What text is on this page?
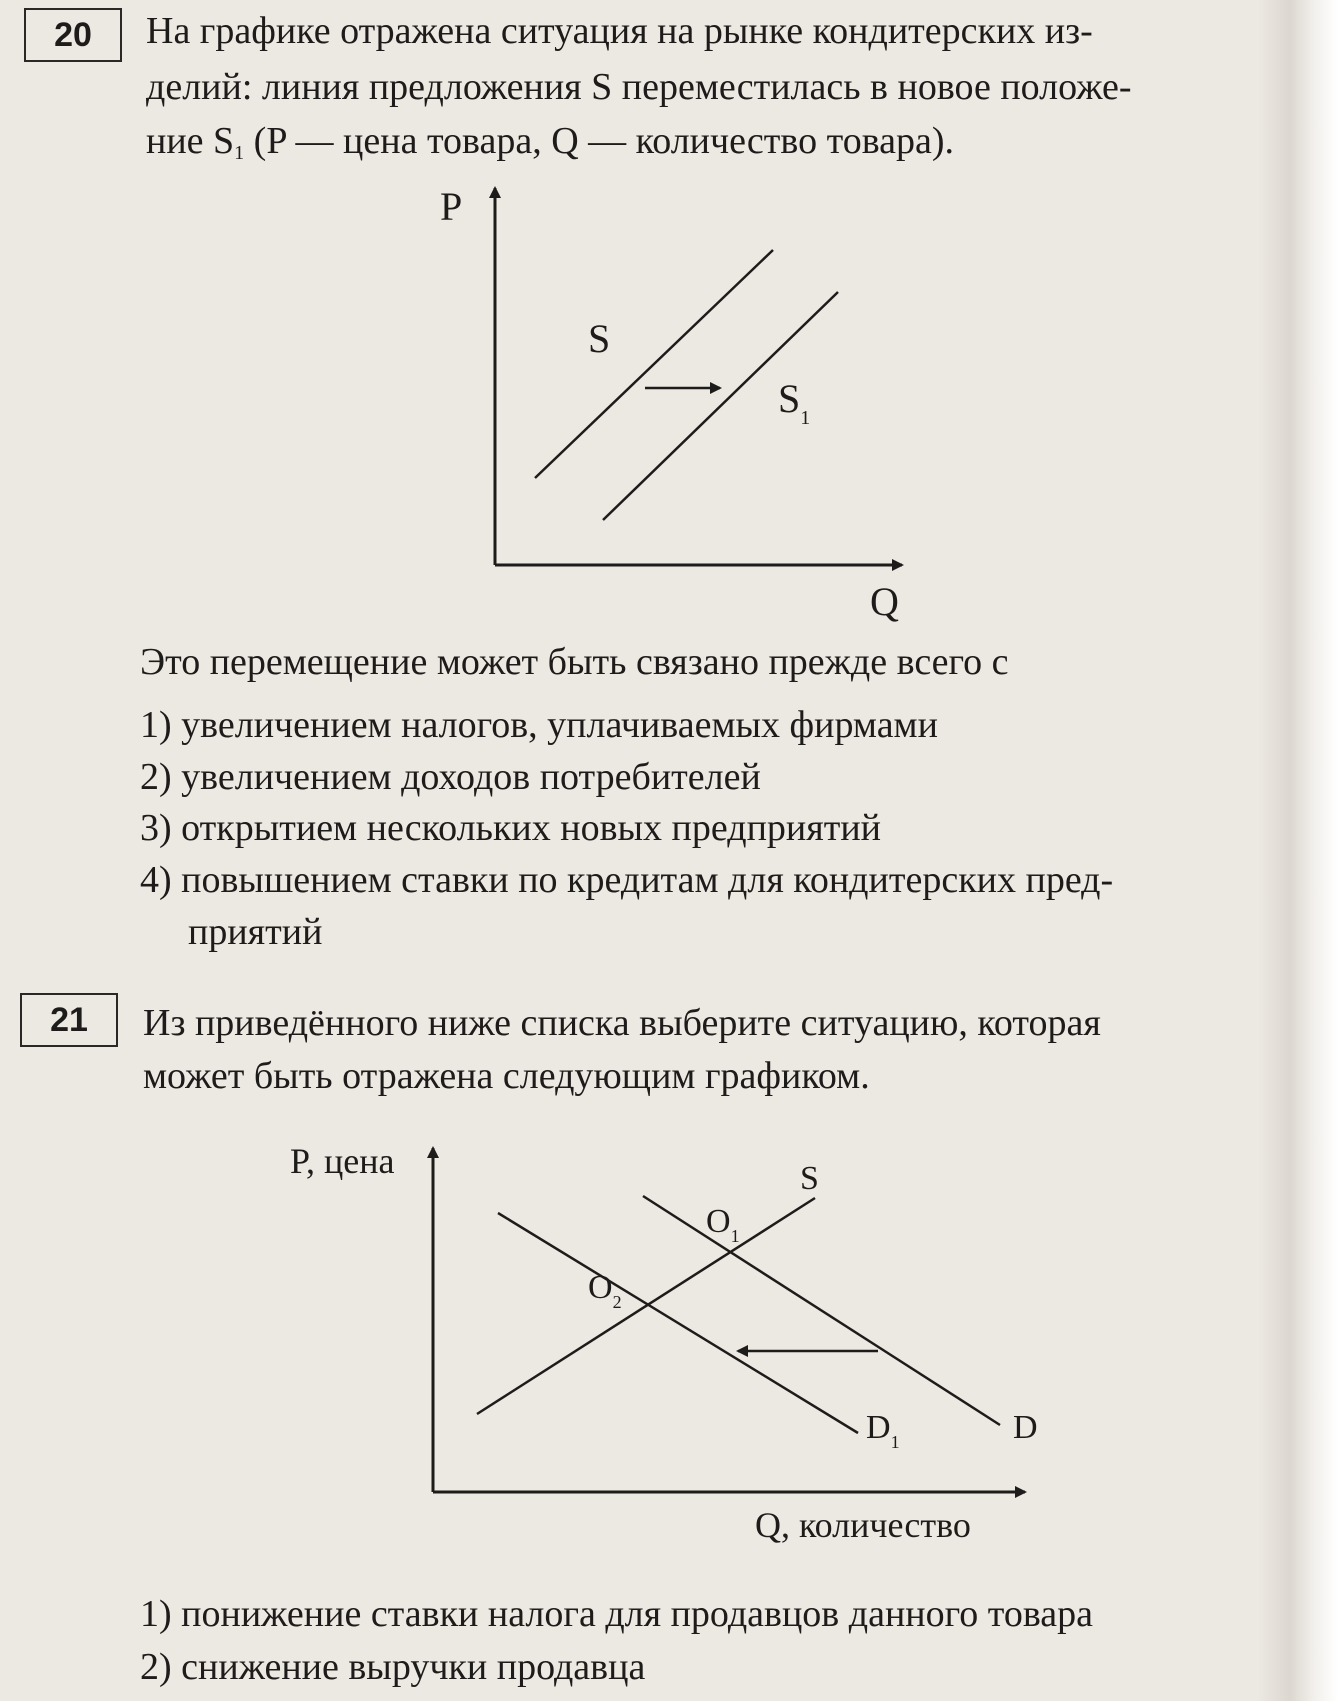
20	На графике отражена ситуация на рынке кондитерских из-
делий: линия предложения S переместилась в новое положе-
ние $S_1$ (P — цена товара, Q — количество товара).
P
Q
S
$S_1$
Это перемещение может быть связано прежде всего с
1) увеличением налогов, уплачиваемых фирмами
2) увеличением доходов потребителей
3) открытием нескольких новых предприятий
4) повышением ставки по кредитам для кондитерских пред-
приятий
21	Из приведённого ниже списка выберите ситуацию, которая
может быть отражена следующим графиком.
P, цена
Q, количество
S
$O_1$
$O_2$
D
$D_1$
1) понижение ставки налога для продавцов данного товара
2) снижение выручки продавца
